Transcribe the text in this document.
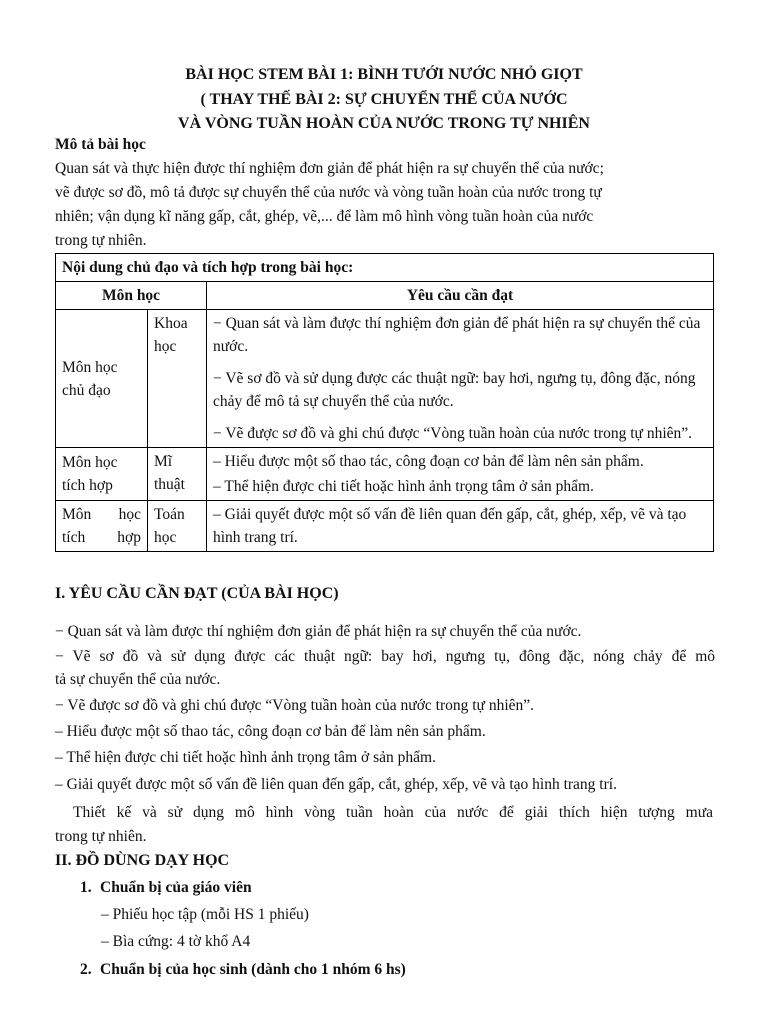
BÀI HỌC STEM BÀI 1: BÌNH TƯỚI NƯỚC NHỎ GIỌT
( THAY THẾ BÀI 2: SỰ CHUYỂN THỂ CỦA NƯỚC
VÀ VÒNG TUẦN HOÀN CỦA NƯỚC TRONG TỰ NHIÊN
Mô tả bài học
Quan sát và thực hiện được thí nghiệm đơn giản để phát hiện ra sự chuyển thể của nước;
vẽ được sơ đồ, mô tả được sự chuyển thể của nước và vòng tuần hoàn của nước trong tự
nhiên; vận dụng kĩ năng gấp, cắt, ghép, vẽ,... để làm mô hình vòng tuần hoàn của nước
trong tự nhiên.
Nội dung chủ đạo và tích hợp trong bài học:		
Môn học		Yêu cầu cần đạt
Môn học chủ đạo	Khoa học	− Quan sát và làm được thí nghiệm đơn giản để phát hiện ra sự chuyển thể của nước.

− Vẽ sơ đồ và sử dụng được các thuật ngữ: bay hơi, ngưng tụ, đông đặc, nóng chảy để mô tả sự chuyển thể của nước.

− Vẽ được sơ đồ và ghi chú được “Vòng tuần hoàn của nước trong tự nhiên”.

Môn học tích hợp	Mĩ thuật	– Hiểu được một số thao tác, công đoạn cơ bản để làm nên sản phẩm.

– Thể hiện được chi tiết hoặc hình ảnh trọng tâm ở sản phẩm.

Môn học tích hợp	Toán học	– Giải quyết được một số vấn đề liên quan đến gấp, cắt, ghép, xếp, vẽ và tạo hình trang trí.

I. YÊU CẦU CẦN ĐẠT (CỦA BÀI HỌC)
− Quan sát và làm được thí nghiệm đơn giản để phát hiện ra sự chuyển thể của nước.
− Vẽ sơ đồ và sử dụng được các thuật ngữ: bay hơi, ngưng tụ, đông đặc, nóng chảy để mô
tả sự chuyển thể của nước.
− Vẽ được sơ đồ và ghi chú được “Vòng tuần hoàn của nước trong tự nhiên”.
– Hiểu được một số thao tác, công đoạn cơ bản để làm nên sản phẩm.
– Thể hiện được chi tiết hoặc hình ảnh trọng tâm ở sản phẩm.
– Giải quyết được một số vấn đề liên quan đến gấp, cắt, ghép, xếp, vẽ và tạo hình trang trí.
Thiết kế và sử dụng mô hình vòng tuần hoàn của nước để giải thích hiện tượng mưa
trong tự nhiên.
II. ĐỒ DÙNG DẠY HỌC
1. Chuẩn bị của giáo viên
– Phiếu học tập (mỗi HS 1 phiếu)
– Bìa cứng: 4 tờ khổ A4
2. Chuẩn bị của học sinh (dành cho 1 nhóm 6 hs)
